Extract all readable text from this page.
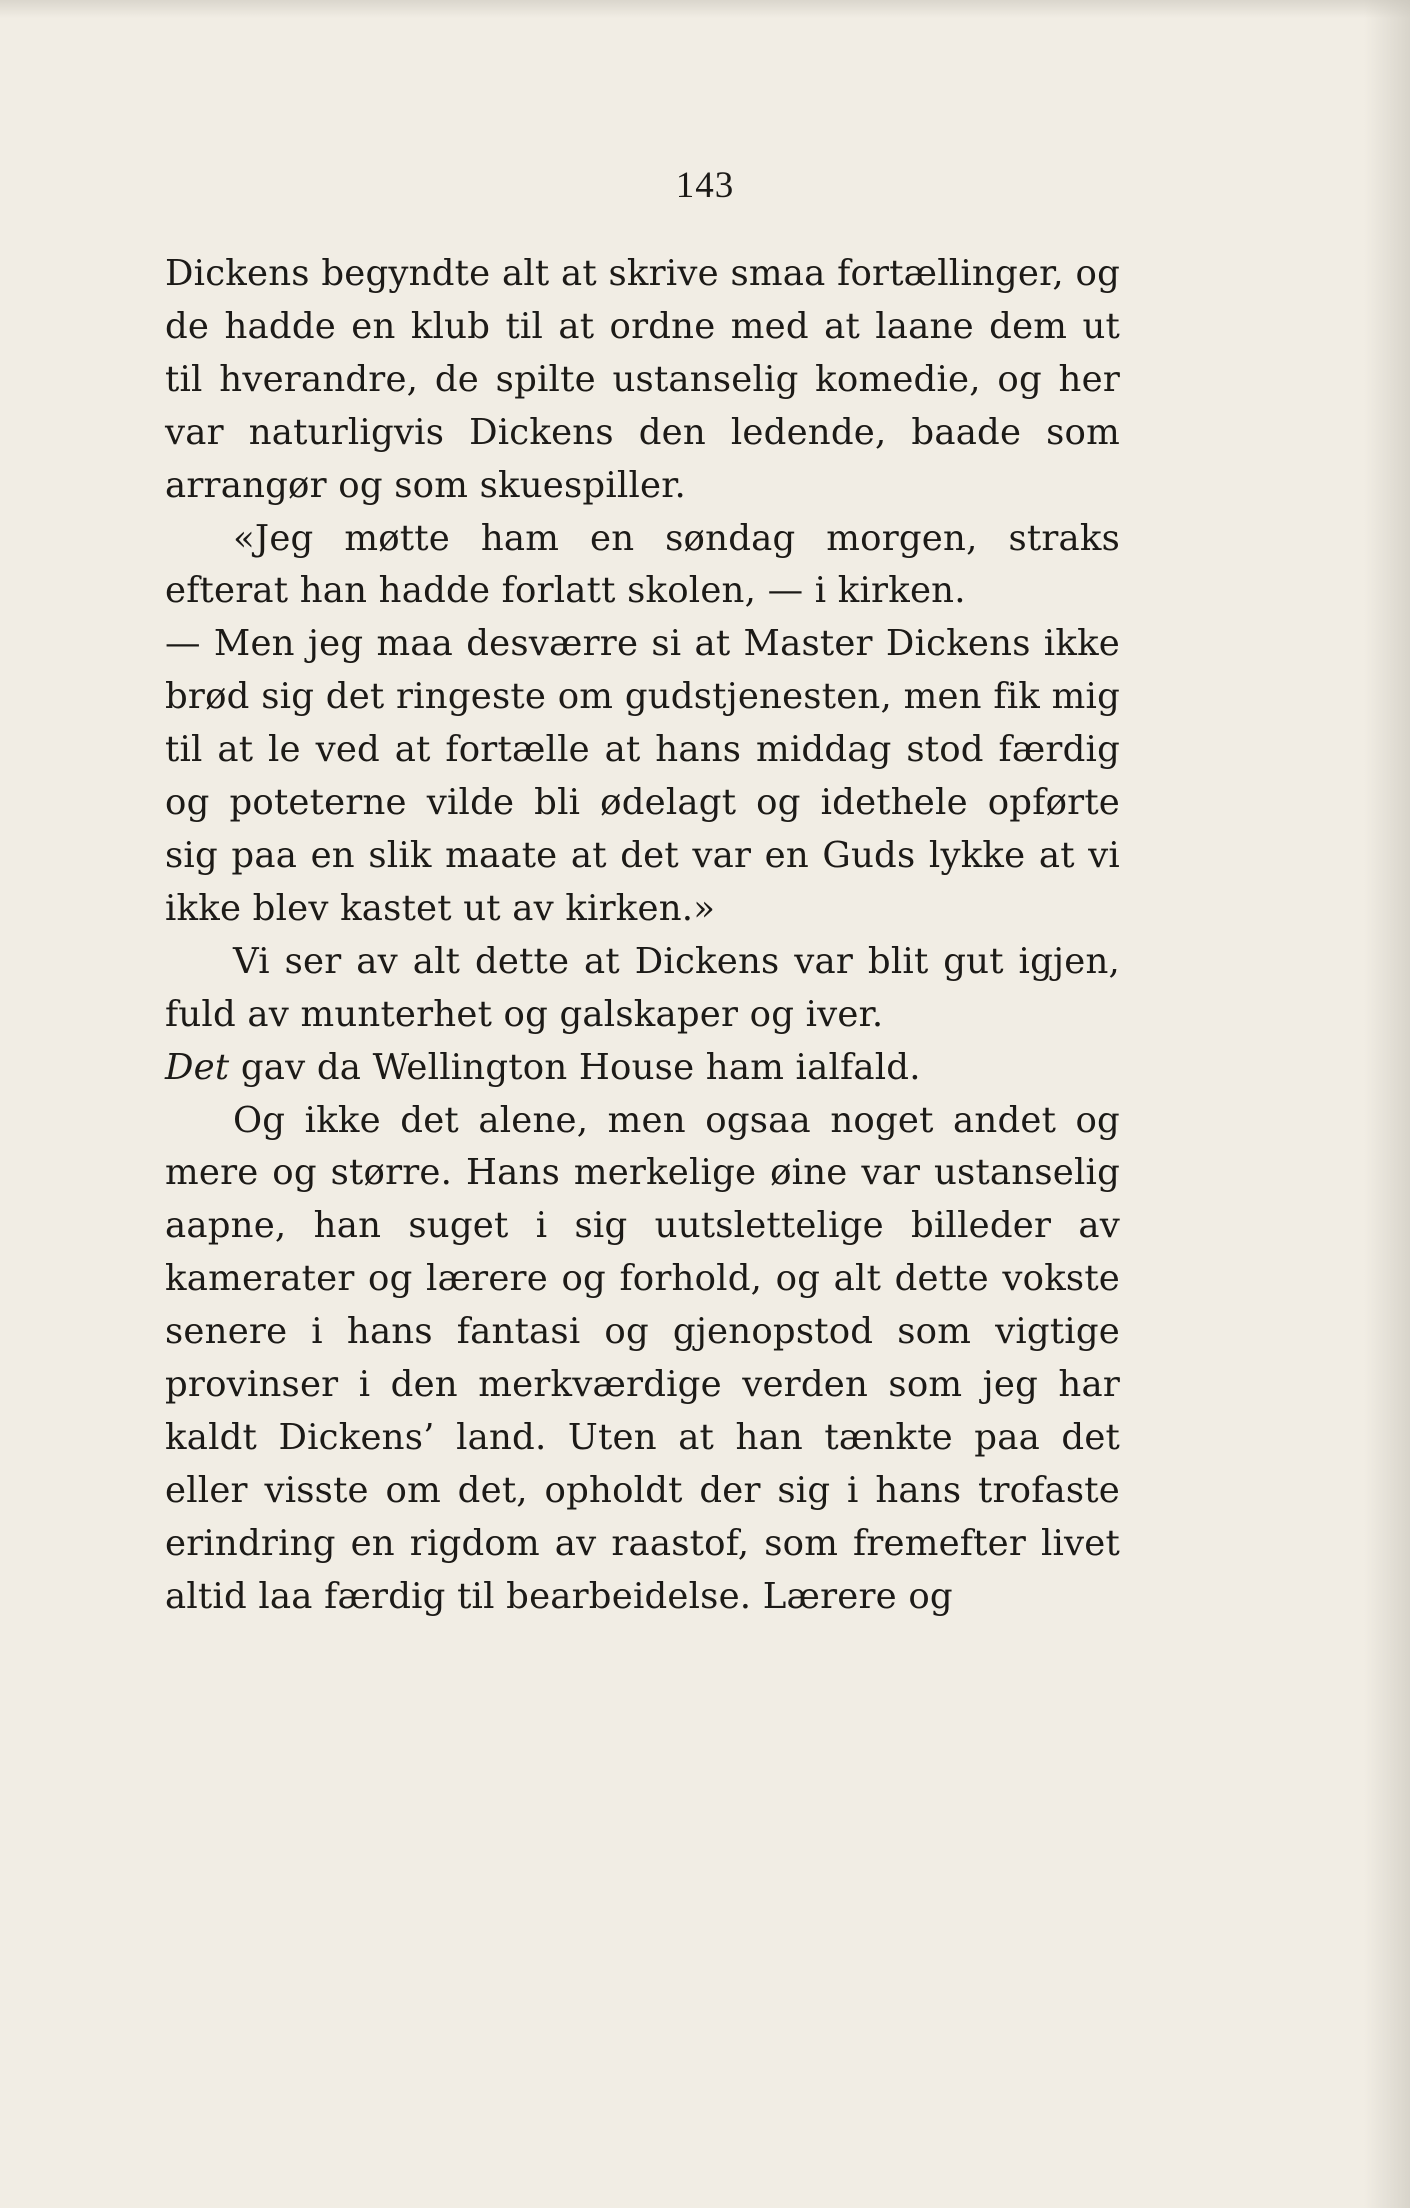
143

Dickens begyndte alt at skrive smaa fortællinger, og de hadde en klub til at ordne med at laane dem ut til hverandre, de spilte ustanselig komedie, og her var naturligvis Dickens den ledende, baade som arrangør og som skuespiller.

«Jeg møtte ham en søndag morgen, straks efterat han hadde forlatt skolen, — i kirken.

— Men jeg maa desværre si at Master Dickens ikke brød sig det ringeste om gudstjenesten, men fik mig til at le ved at fortælle at hans middag stod færdig og poteterne vilde bli ødelagt og idethele opførte sig paa en slik maate at det var en Guds lykke at vi ikke blev kastet ut av kirken.»

Vi ser av alt dette at Dickens var blit gut igjen, fuld av munterhet og galskaper og iver.
Det gav da Wellington House ham ialfald.

Og ikke det alene, men ogsaa noget andet og mere og større. Hans merkelige øine var ustanselig aapne, han suget i sig uutslettelige billeder av kamerater og lærere og forhold, og alt dette vokste senere i hans fantasi og gjenopstod som vigtige provinser i den merkværdige verden som jeg har kaldt Dickens’ land. Uten at han tænkte paa det eller visste om det, opholdt der sig i hans trofaste erindring en rigdom av raastof, som fremefter livet altid laa færdig til bearbeidelse. Lærere og
